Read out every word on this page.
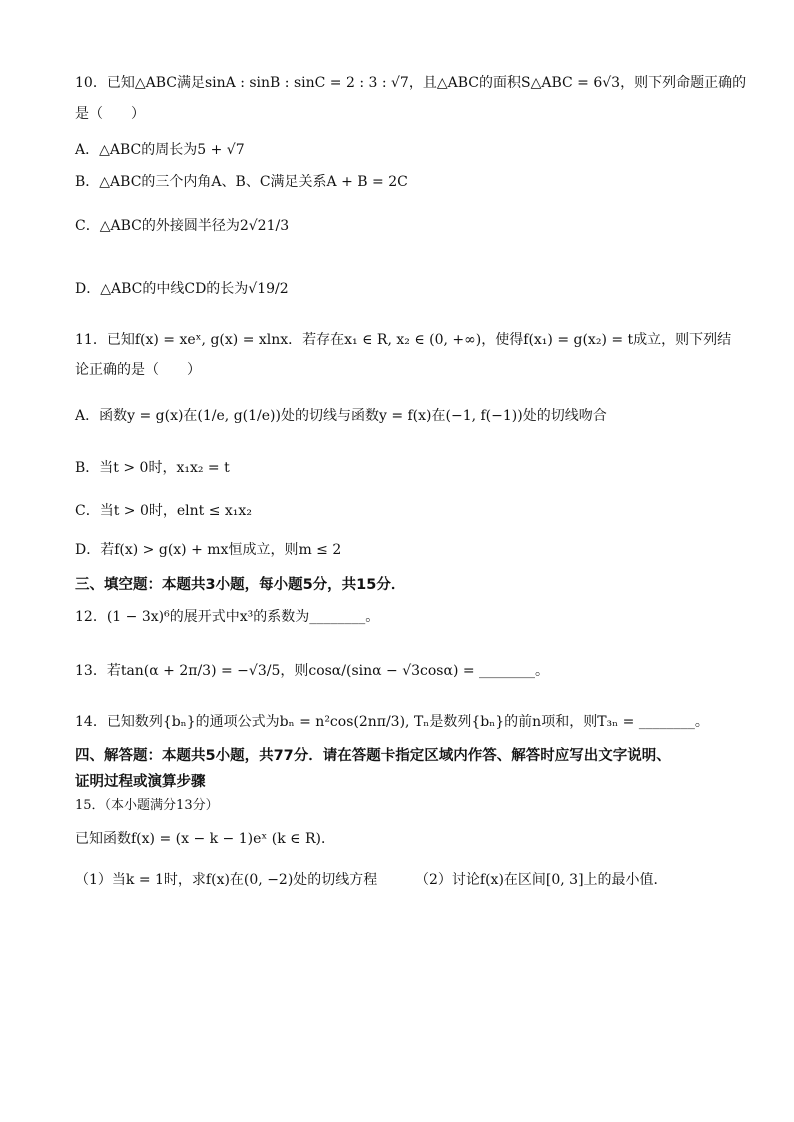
10．已知△ABC满足sinA : sinB : sinC = 2 : 3 : √7，且△ABC的面积S△ABC = 6√3，则下列命题正确的
是（　　）
A．△ABC的周长为5 + √7
B．△ABC的三个内角A、B、C满足关系A + B = 2C
C．△ABC的外接圆半径为2√21/3
D．△ABC的中线CD的长为√19/2
11．已知f(x) = xeˣ, g(x) = xlnx．若存在x₁ ∈ R, x₂ ∈ (0, +∞)，使得f(x₁) = g(x₂) = t成立，则下列结
论正确的是（　　）
A．函数y = g(x)在(1/e, g(1/e))处的切线与函数y = f(x)在(−1, f(−1))处的切线吻合
B．当t > 0时，x₁x₂ = t
C．当t > 0时，elnt ≤ x₁x₂
D．若f(x) > g(x) + mx恒成立，则m ≤ 2
三、填空题：本题共3小题，每小题5分，共15分．
12．(1 − 3x)⁶的展开式中x³的系数为________。
13．若tan(α + 2π/3) = −√3/5，则cosα/(sinα − √3cosα) = ________。
14．已知数列{bₙ}的通项公式为bₙ = n²cos(2nπ/3), Tₙ是数列{bₙ}的前n项和，则T₃ₙ = ________。
四、解答题：本题共5小题，共77分．请在答题卡指定区域内作答、解答时应写出文字说明、
证明过程或演算步骤
15．（本小题满分13分）
已知函数f(x) = (x − k − 1)eˣ (k ∈ R)．
（1）当k = 1时，求f(x)在(0, −2)处的切线方程	（2）讨论f(x)在区间[0, 3]上的最小值．
